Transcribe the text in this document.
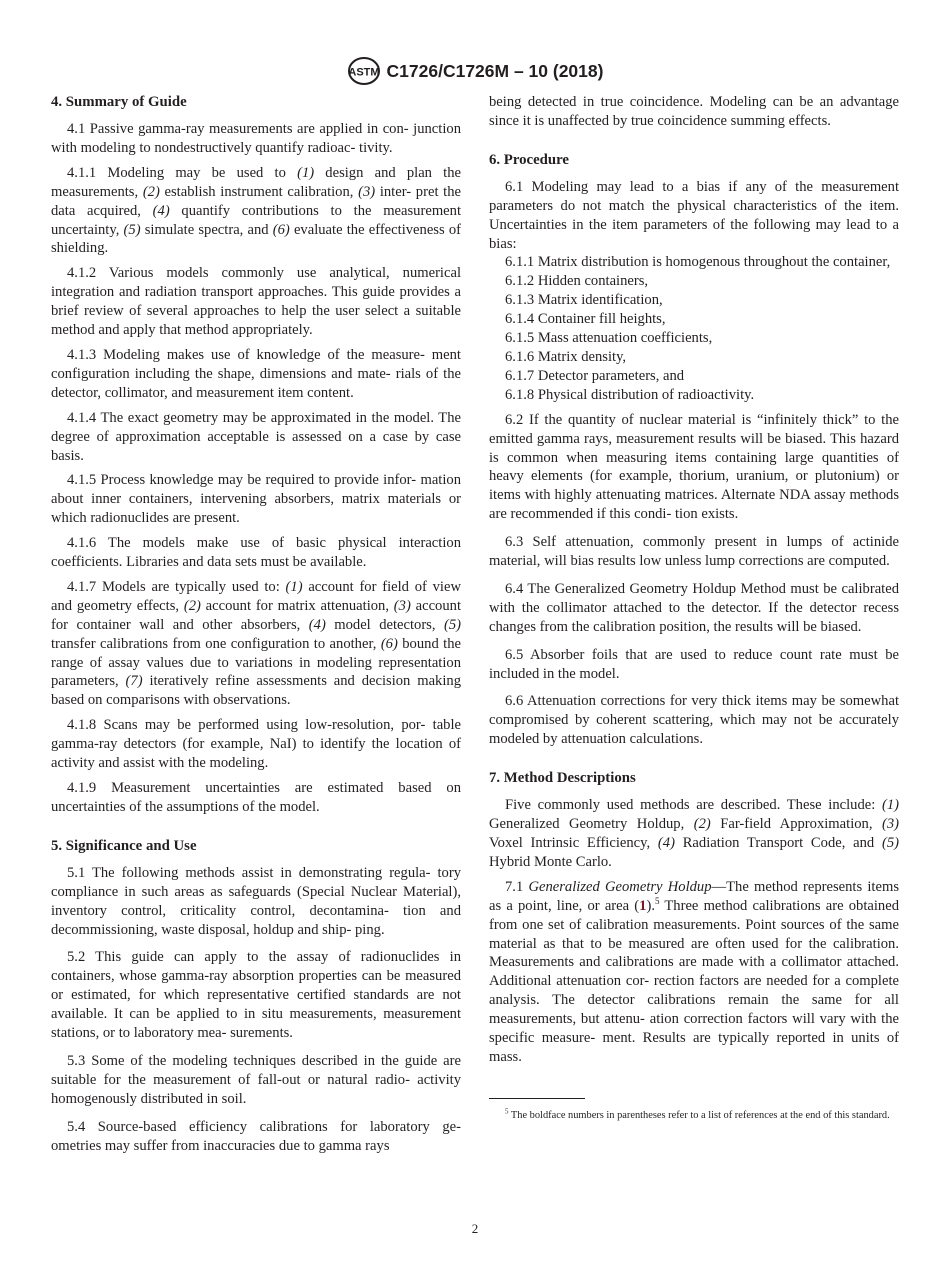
ASTM C1726/C1726M – 10 (2018)
4. Summary of Guide

4.1 Passive gamma-ray measurements are applied in con- junction with modeling to nondestructively quantify radioac- tivity.

4.1.1 Modeling may be used to (1) design and plan the measurements, (2) establish instrument calibration, (3) inter- pret the data acquired, (4) quantify contributions to the measurement uncertainty, (5) simulate spectra, and (6) evaluate the effectiveness of shielding.

4.1.2 Various models commonly use analytical, numerical integration and radiation transport approaches. This guide provides a brief review of several approaches to help the user select a suitable method and apply that method appropriately.

4.1.3 Modeling makes use of knowledge of the measure- ment configuration including the shape, dimensions and mate- rials of the detector, collimator, and measurement item content.

4.1.4 The exact geometry may be approximated in the model. The degree of approximation acceptable is assessed on a case by case basis.

4.1.5 Process knowledge may be required to provide infor- mation about inner containers, intervening absorbers, matrix materials or which radionuclides are present.

4.1.6 The models make use of basic physical interaction coefficients. Libraries and data sets must be available.

4.1.7 Models are typically used to: (1) account for field of view and geometry effects, (2) account for matrix attenuation, (3) account for container wall and other absorbers, (4) model detectors, (5) transfer calibrations from one configuration to another, (6) bound the range of assay values due to variations in modeling representation parameters, (7) iteratively refine assessments and decision making based on comparisons with observations.

4.1.8 Scans may be performed using low-resolution, por- table gamma-ray detectors (for example, NaI) to identify the location of activity and assist with the modeling.

4.1.9 Measurement uncertainties are estimated based on uncertainties of the assumptions of the model.

5. Significance and Use

5.1 The following methods assist in demonstrating regula- tory compliance in such areas as safeguards (Special Nuclear Material), inventory control, criticality control, decontamina- tion and decommissioning, waste disposal, holdup and ship- ping.

5.2 This guide can apply to the assay of radionuclides in containers, whose gamma-ray absorption properties can be measured or estimated, for which representative certified standards are not available. It can be applied to in situ measurements, measurement stations, or to laboratory mea- surements.

5.3 Some of the modeling techniques described in the guide are suitable for the measurement of fall-out or natural radio- activity homogenously distributed in soil.

5.4 Source-based efficiency calibrations for laboratory ge- ometries may suffer from inaccuracies due to gamma rays

being detected in true coincidence. Modeling can be an advantage since it is unaffected by true coincidence summing effects.

6. Procedure

6.1 Modeling may lead to a bias if any of the measurement parameters do not match the physical characteristics of the item. Uncertainties in the item parameters of the following may lead to a bias:

6.1.1 Matrix distribution is homogenous throughout the container,

6.1.2 Hidden containers,

6.1.3 Matrix identification,

6.1.4 Container fill heights,

6.1.5 Mass attenuation coefficients,

6.1.6 Matrix density,

6.1.7 Detector parameters, and

6.1.8 Physical distribution of radioactivity.

6.2 If the quantity of nuclear material is “infinitely thick” to the emitted gamma rays, measurement results will be biased. This hazard is common when measuring items containing large quantities of heavy elements (for example, thorium, uranium, or plutonium) or items with highly attenuating matrices. Alternate NDA assay methods are recommended if this condi- tion exists.

6.3 Self attenuation, commonly present in lumps of actinide material, will bias results low unless lump corrections are computed.

6.4 The Generalized Geometry Holdup Method must be calibrated with the collimator attached to the detector. If the detector recess changes from the calibration position, the results will be biased.

6.5 Absorber foils that are used to reduce count rate must be included in the model.

6.6 Attenuation corrections for very thick items may be somewhat compromised by coherent scattering, which may not be accurately modeled by attenuation calculations.

7. Method Descriptions

Five commonly used methods are described. These include: (1) Generalized Geometry Holdup, (2) Far-field Approximation, (3) Voxel Intrinsic Efficiency, (4) Radiation Transport Code, and (5) Hybrid Monte Carlo.

7.1 Generalized Geometry Holdup—The method represents items as a point, line, or area (1).$^5$ Three method calibrations are obtained from one set of calibration measurements. Point sources of the same material as that to be measured are often used for the calibration. Measurements and calibrations are made with a collimator attached. Additional attenuation cor- rection factors are needed for a complete analysis. The detector calibrations remain the same for all measurements, but attenu- ation correction factors will vary with the specific measure- ment. Results are typically reported in units of mass.

$^5$ The boldface numbers in parentheses refer to a list of references at the end of this standard.

2
